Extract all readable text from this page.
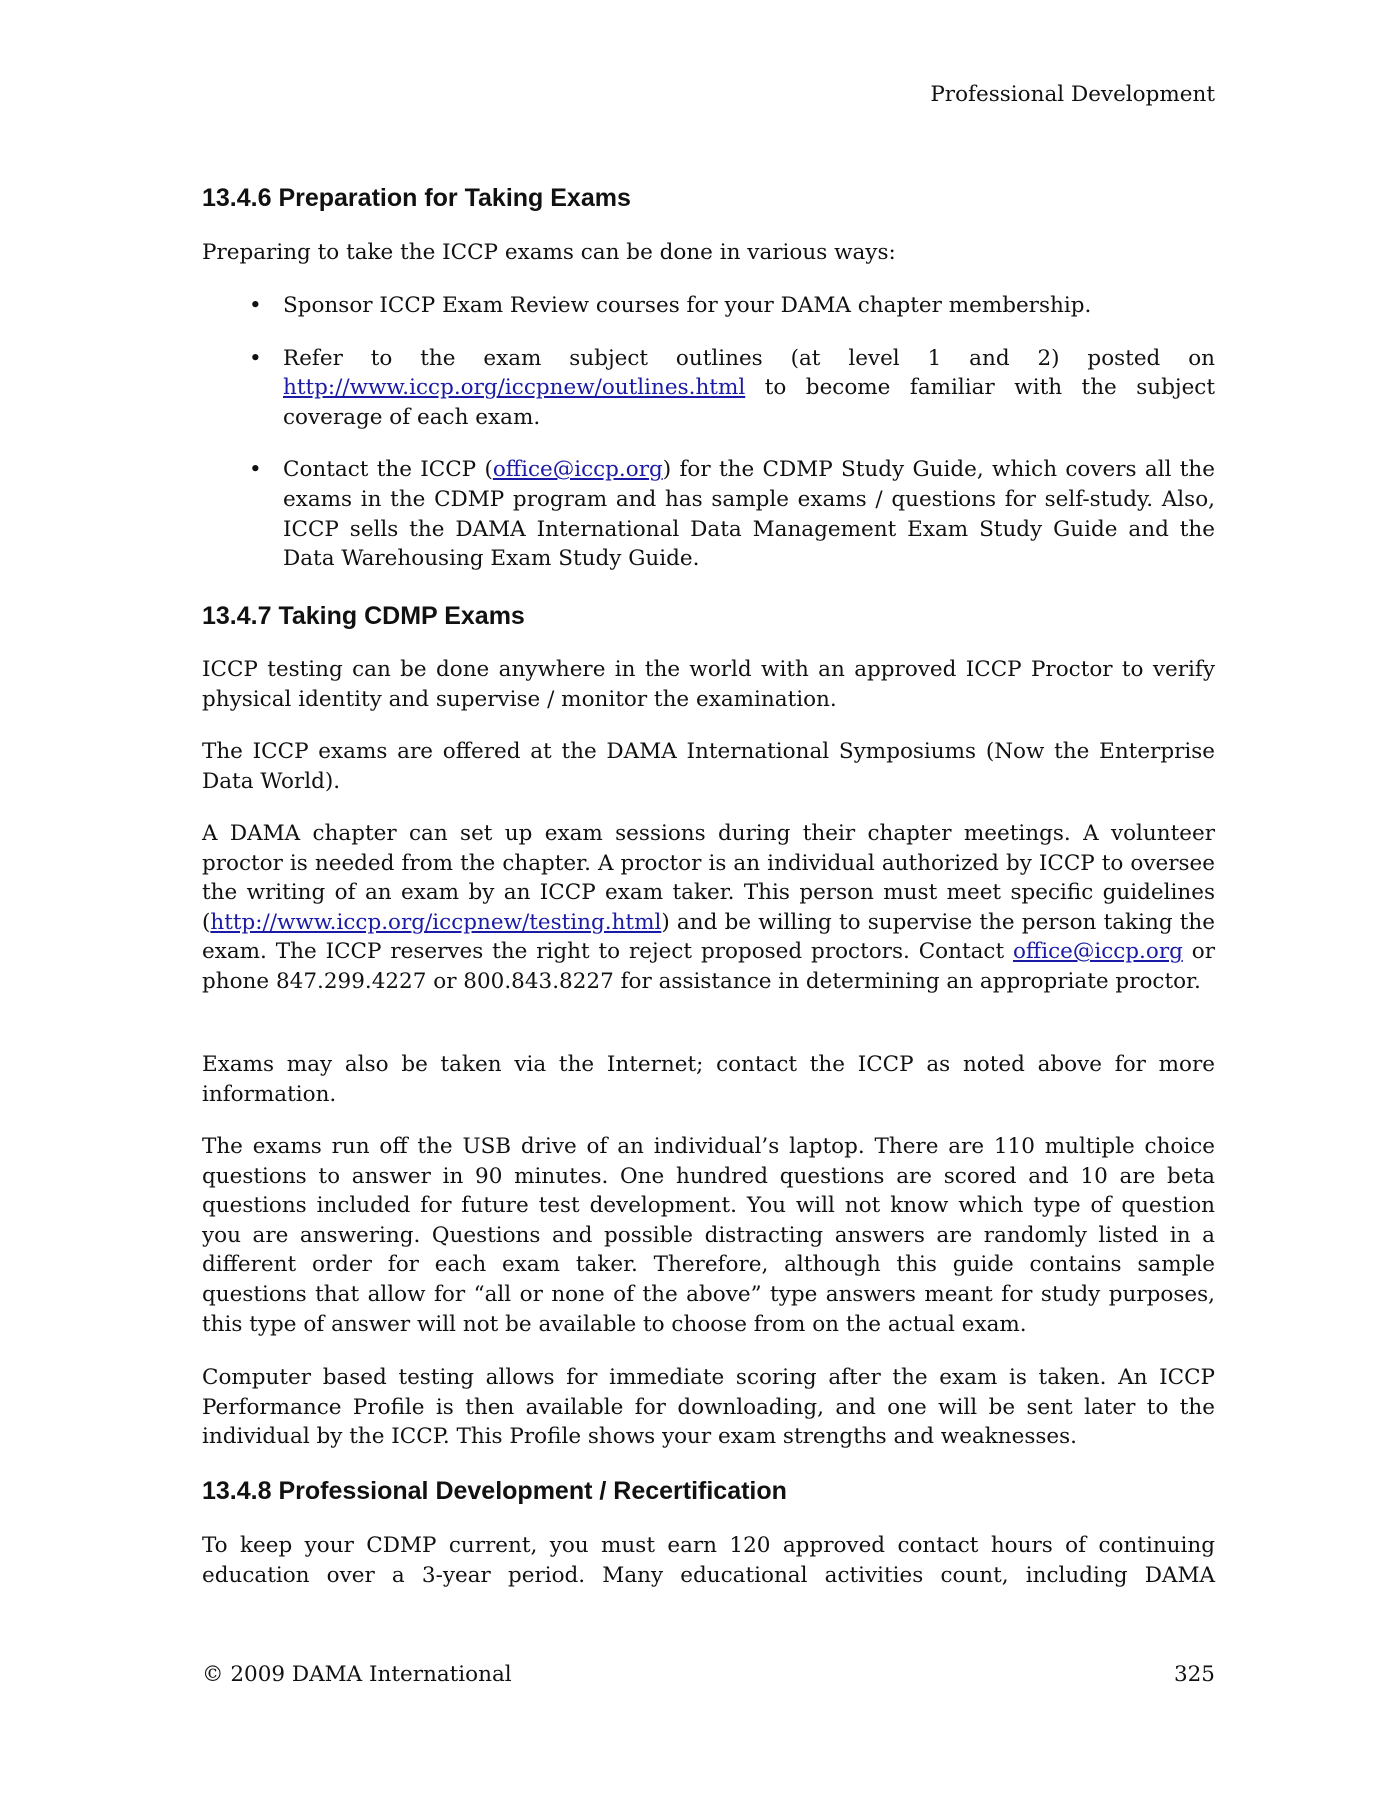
Professional Development
13.4.6 Preparation for Taking Exams

Preparing to take the ICCP exams can be done in various ways:

• Sponsor ICCP Exam Review courses for your DAMA chapter membership.
• Refer to the exam subject outlines (at level 1 and 2) posted on http://www.iccp.org/iccpnew/outlines.html to become familiar with the subject coverage of each exam.
• Contact the ICCP (office@iccp.org) for the CDMP Study Guide, which covers all the exams in the CDMP program and has sample exams / questions for self-study. Also, ICCP sells the DAMA International Data Management Exam Study Guide and the Data Warehousing Exam Study Guide.
13.4.7 Taking CDMP Exams

ICCP testing can be done anywhere in the world with an approved ICCP Proctor to verify physical identity and supervise / monitor the examination.

The ICCP exams are offered at the DAMA International Symposiums (Now the Enterprise Data World).

A DAMA chapter can set up exam sessions during their chapter meetings. A volunteer proctor is needed from the chapter. A proctor is an individual authorized by ICCP to oversee the writing of an exam by an ICCP exam taker. This person must meet specific guidelines (http://www.iccp.org/iccpnew/testing.html) and be willing to supervise the person taking the exam. The ICCP reserves the right to reject proposed proctors. Contact office@iccp.org or phone 847.299.4227 or 800.843.8227 for assistance in determining an appropriate proctor.

Exams may also be taken via the Internet; contact the ICCP as noted above for more information.

The exams run off the USB drive of an individual’s laptop. There are 110 multiple choice questions to answer in 90 minutes. One hundred questions are scored and 10 are beta questions included for future test development. You will not know which type of question you are answering. Questions and possible distracting answers are randomly listed in a different order for each exam taker. Therefore, although this guide contains sample questions that allow for “all or none of the above” type answers meant for study purposes, this type of answer will not be available to choose from on the actual exam.

Computer based testing allows for immediate scoring after the exam is taken. An ICCP Performance Profile is then available for downloading, and one will be sent later to the individual by the ICCP. This Profile shows your exam strengths and weaknesses.

13.4.8 Professional Development / Recertification

To keep your CDMP current, you must earn 120 approved contact hours of continuing education over a 3-year period. Many educational activities count, including DAMA

© 2009 DAMA International	325
